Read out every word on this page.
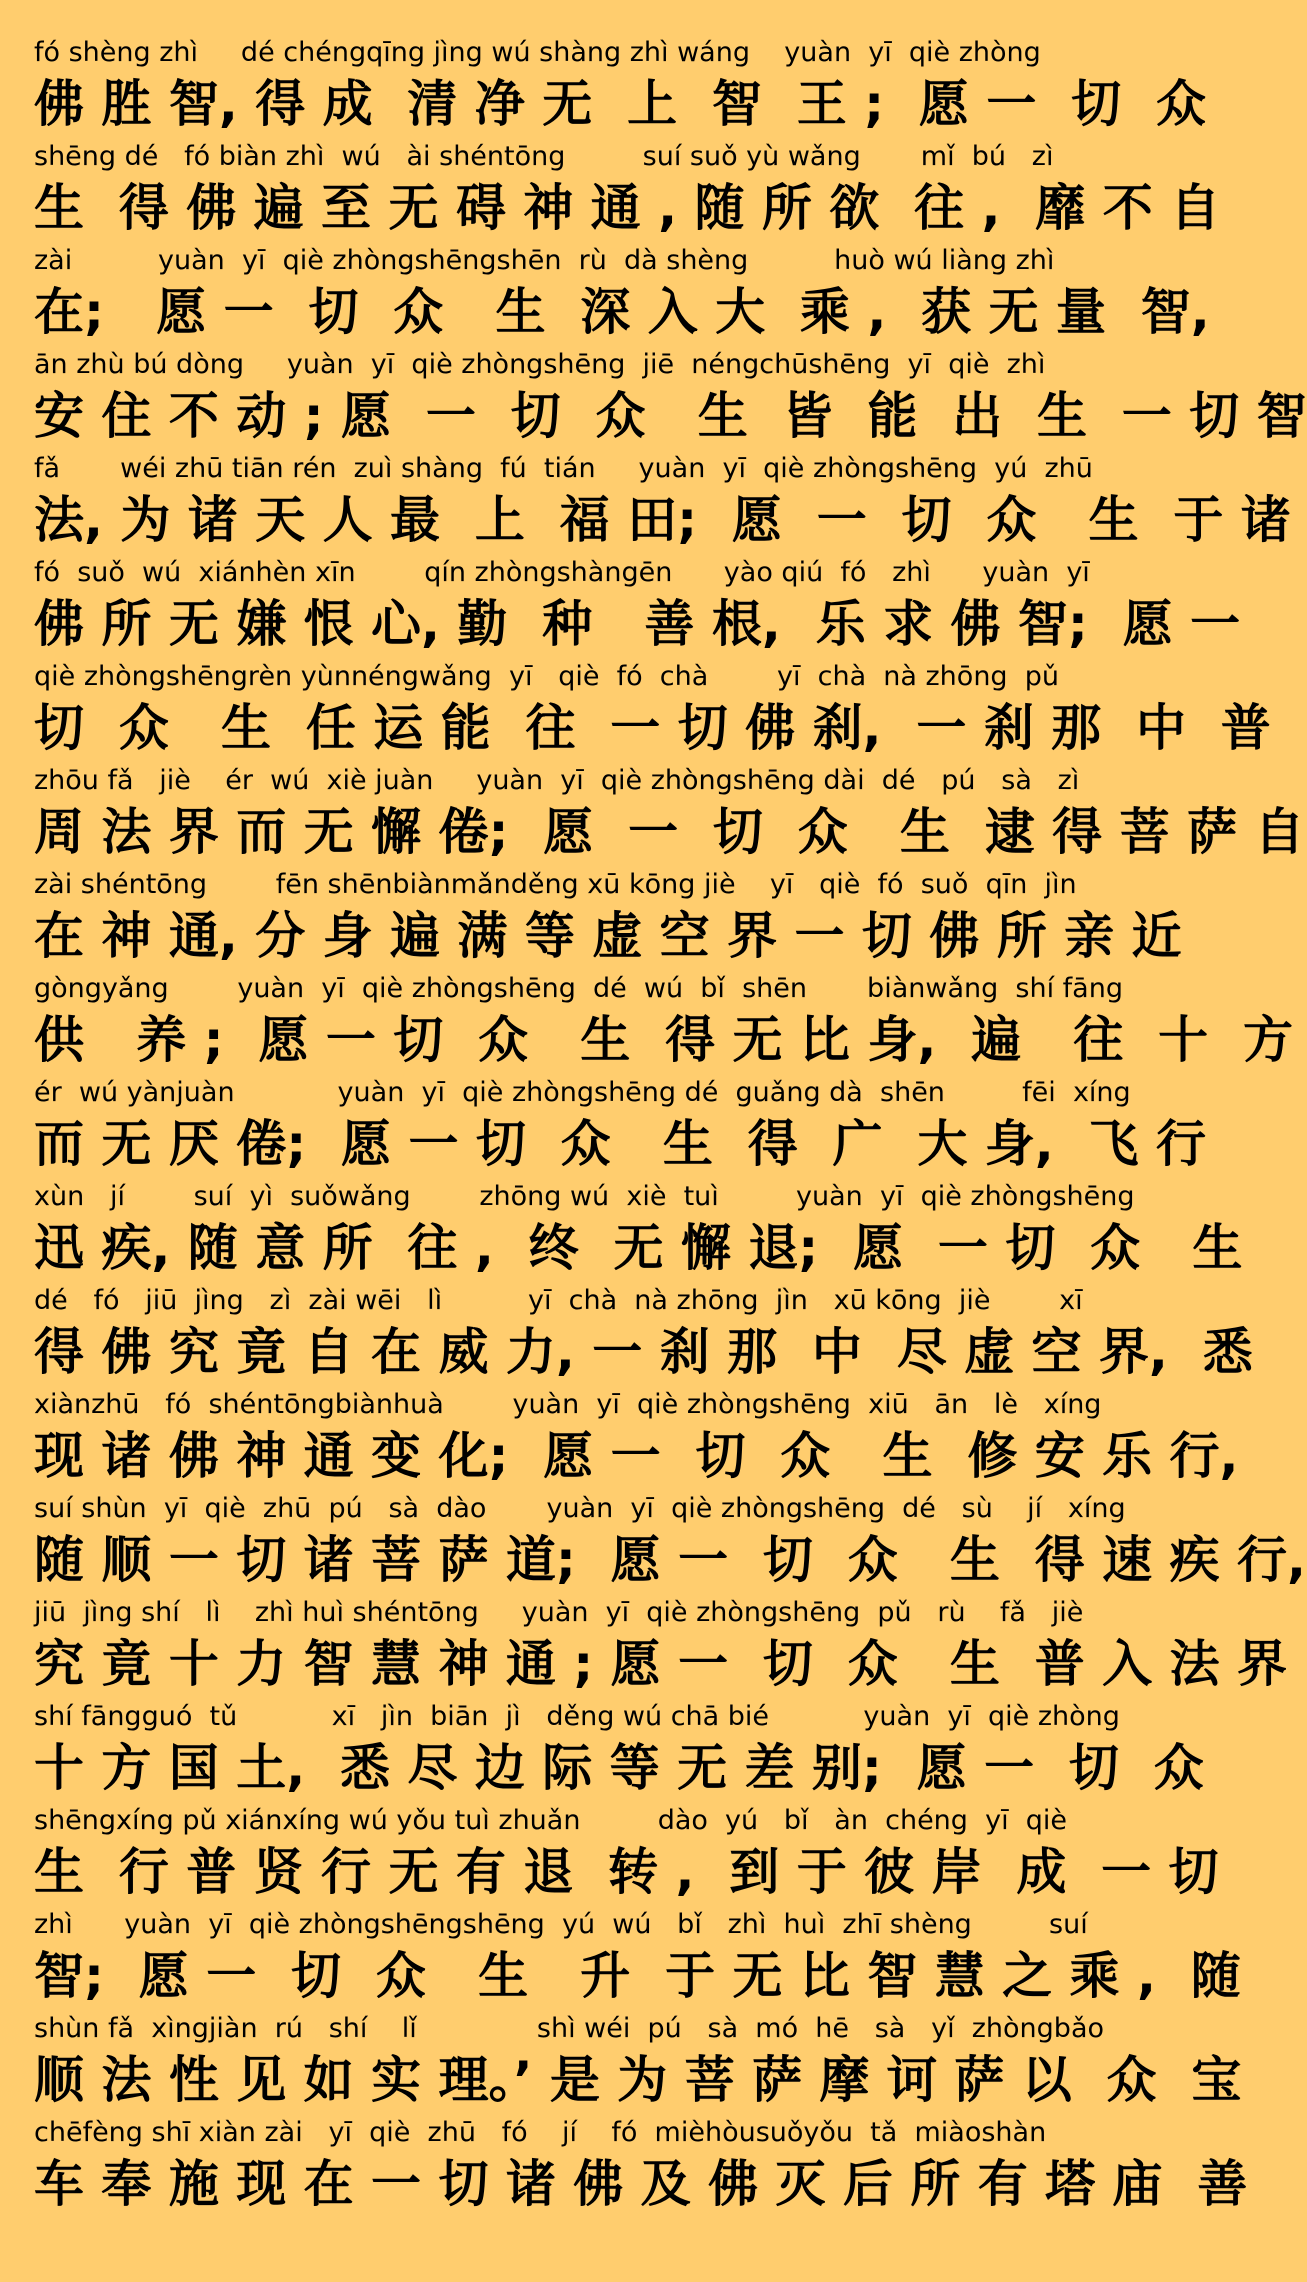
fó shèng zhì     dé chéngqīng jìng wú shàng zhì wáng    yuàn  yī  qiè zhòng
佛 胜 智, 得 成  清 净 无  上  智  王 ;  愿 一  切  众
shēng dé   fó biàn zhì  wú   ài shéntōng         suí suǒ yù wǎng       mǐ  bú   zì
生  得 佛 遍 至 无 碍 神 通 , 随 所 欲  往 ,  靡 不 自
zài          yuàn  yī  qiè zhòngshēngshēn  rù  dà shèng          huò wú liàng zhì
在;   愿 一  切  众   生  深 入 大  乘 ,  获 无 量  智,
ān zhù bú dòng     yuàn  yī  qiè zhòngshēng  jiē  néngchūshēng  yī  qiè  zhì
安 住 不 动 ; 愿  一  切  众   生  皆  能  出  生  一 切 智
fǎ       wéi zhū tiān rén  zuì shàng  fú  tián     yuàn  yī  qiè zhòngshēng  yú  zhū
法, 为 诸 天 人 最  上  福 田;  愿  一  切  众   生  于 诸
fó  suǒ  wú  xiánhèn xīn        qín zhòngshàngēn      yào qiú  fó   zhì      yuàn  yī
佛 所 无 嫌 恨 心, 勤  种   善 根,  乐 求 佛 智;  愿 一
qiè zhòngshēngrèn yùnnéngwǎng  yī   qiè  fó  chà        yī  chà  nà zhōng  pǔ
切  众   生  任 运 能  往  一 切 佛 刹,  一 刹 那  中  普
zhōu fǎ   jiè    ér  wú  xiè juàn     yuàn  yī  qiè zhòngshēng dài  dé   pú   sà   zì
周 法 界 而 无 懈 倦;  愿  一  切  众   生  逮 得 菩 萨 自
zài shéntōng        fēn shēnbiànmǎnděng xū kōng jiè    yī   qiè  fó  suǒ  qīn  jìn
在 神 通, 分 身 遍 满 等 虚 空 界 一 切 佛 所 亲 近
gòngyǎng        yuàn  yī  qiè zhòngshēng  dé  wú  bǐ  shēn       biànwǎng  shí fāng
供   养 ;  愿 一 切  众   生  得 无 比 身,  遍   往  十  方
ér  wú yànjuàn            yuàn  yī  qiè zhòngshēng dé  guǎng dà  shēn         fēi  xíng
而 无 厌 倦;  愿 一 切  众   生  得  广  大 身,  飞 行
xùn   jí        suí  yì  suǒwǎng        zhōng wú  xiè  tuì         yuàn  yī  qiè zhòngshēng
迅 疾, 随 意 所  往 ,  终  无 懈 退;  愿  一 切  众   生
dé   fó   jiū  jìng   zì  zài wēi   lì          yī  chà  nà zhōng  jìn   xū kōng  jiè        xī
得 佛 究 竟 自 在 威 力, 一 刹 那  中  尽 虚 空 界,  悉
xiànzhū   fó  shéntōngbiànhuà        yuàn  yī  qiè zhòngshēng  xiū   ān   lè   xíng
现 诸 佛 神 通 变 化;  愿 一  切  众   生  修 安 乐 行,
suí shùn  yī  qiè  zhū  pú   sà  dào       yuàn  yī  qiè zhòngshēng  dé   sù    jí   xíng
随 顺 一 切 诸 菩 萨 道;  愿 一  切  众   生  得 速 疾 行,
jiū  jìng shí   lì    zhì huì shéntōng     yuàn  yī  qiè zhòngshēng  pǔ   rù    fǎ   jiè
究 竟 十 力 智 慧 神 通 ; 愿 一  切  众   生  普 入 法 界
shí fāngguó  tǔ           xī   jìn  biān  jì   děng wú chā bié           yuàn  yī  qiè zhòng
十 方 国 土,  悉 尽 边 际 等 无 差 别;  愿 一  切  众
shēngxíng pǔ xiánxíng wú yǒu tuì zhuǎn         dào  yú   bǐ   àn  chéng  yī  qiè
生  行 普 贤 行 无 有 退  转 ,  到 于 彼 岸  成  一 切
zhì      yuàn  yī  qiè zhòngshēngshēng  yú  wú   bǐ   zhì  huì  zhī shèng         suí
智;  愿 一  切  众   生   升  于 无 比 智 慧 之 乘 ,  随
shùn fǎ  xìngjiàn  rú   shí    lǐ              shì wéi  pú   sà  mó  hē   sà   yǐ  zhòngbǎo
顺 法 性 见 如 实 理。’ 是 为 菩 萨 摩 诃 萨 以  众  宝
chēfèng shī xiàn zài   yī  qiè  zhū   fó    jí    fó  mièhòusuǒyǒu  tǎ  miàoshàn
车 奉 施 现 在 一 切 诸 佛 及 佛 灭 后 所 有 塔 庙  善
